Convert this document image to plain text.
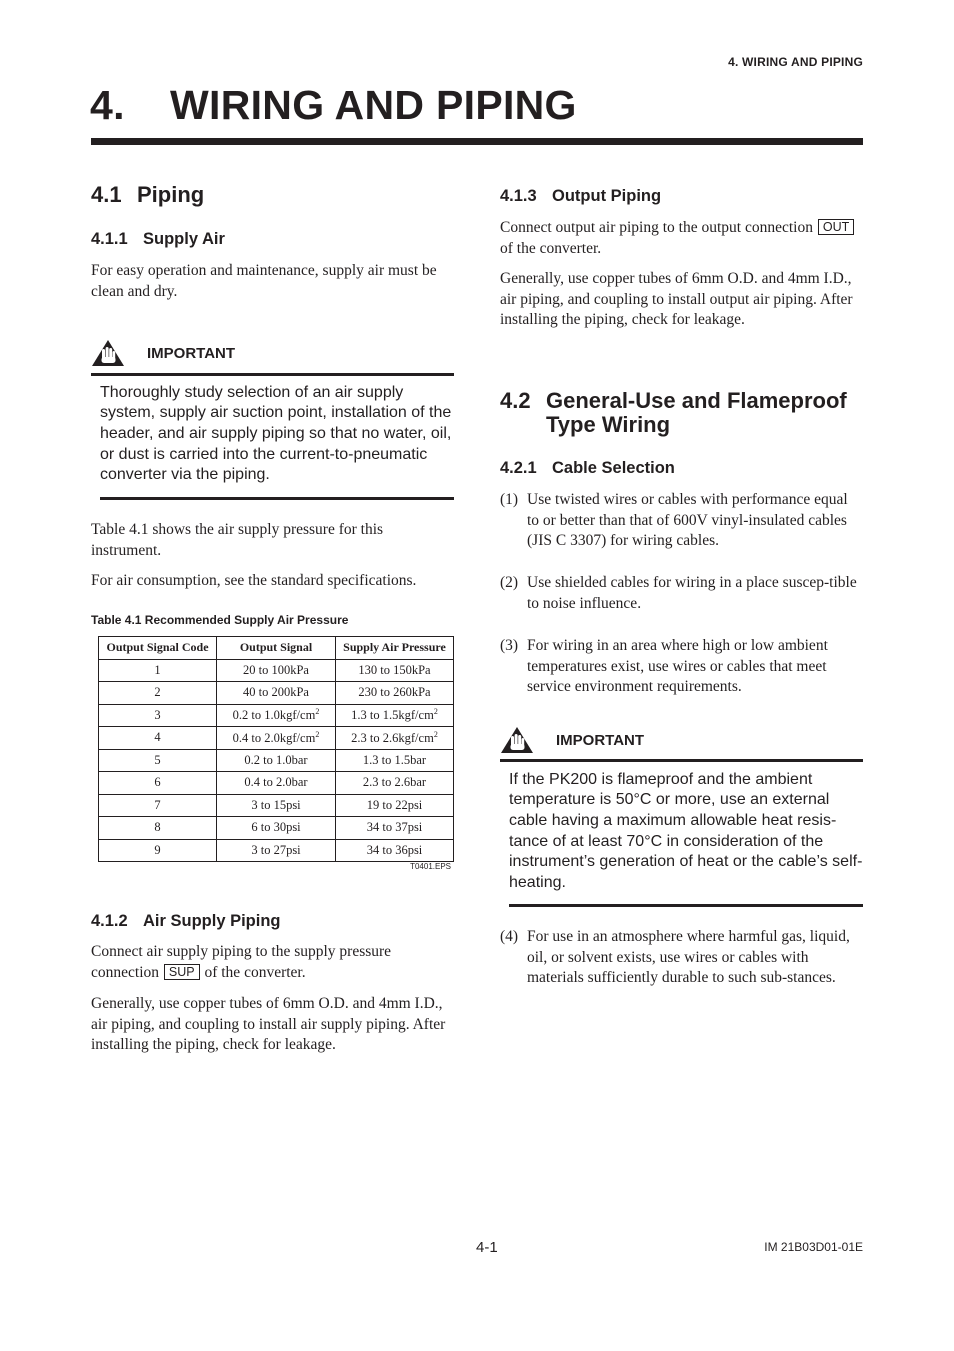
4. WIRING AND PIPING
4. WIRING AND PIPING
4.1 Piping
4.1.1 Supply Air

For easy operation and maintenance, supply air must be clean and dry.

IMPORTANT
Thoroughly study selection of an air supply system, supply air suction point, installation of the header, and air supply piping so that no water, oil, or dust is carried into the current-to-pneumatic converter via the piping.

Table 4.1 shows the air supply pressure for this instrument.

For air consumption, see the standard specifications.

Table 4.1 Recommended Supply Air Pressure
Output Signal Code	Output Signal	Supply Air Pressure
1	20 to 100kPa	130 to 150kPa
2	40 to 200kPa	230 to 260kPa
3	0.2 to $1.0kgf/cm^2$	1.3 to $1.5kgf/cm^2$
4	0.4 to $2.0kgf/cm^2$	2.3 to $2.6kgf/cm^2$
5	0.2 to 1.0bar	1.3 to 1.5bar
6	0.4 to 2.0bar	2.3 to 2.6bar
7	3 to 15psi	19 to 22psi
8	6 to 30psi	34 to 37psi
9	3 to 27psi	34 to 36psi
T0401.EPS
4.1.2 Air Supply Piping

Connect air supply piping to the supply pressure connection SUP of the converter.

Generally, use copper tubes of 6mm O.D. and 4mm I.D., air piping, and coupling to install air supply piping. After installing the piping, check for leakage.

4.1.3 Output Piping

Connect output air piping to the output connection OUT of the converter.

Generally, use copper tubes of 6mm O.D. and 4mm I.D., air piping, and coupling to install output air piping. After installing the piping, check for leakage.

4.2 General-Use and Flameproof Type Wiring
4.2.1 Cable Selection
(1) Use twisted wires or cables with performance equal to or better than that of 600V vinyl-insulated cables (JIS C 3307) for wiring cables.
(2) Use shielded cables for wiring in a place suscep-tible to noise influence.
(3) For wiring in an area where high or low ambient temperatures exist, use wires or cables that meet service environment requirements.
IMPORTANT
If the PK200 is flameproof and the ambient temperature is 50°C or more, use an external cable having a maximum allowable heat resis-tance of at least 70°C in consideration of the instrument’s generation of heat or the cable’s self-heating.
(4) For use in an atmosphere where harmful gas, liquid, oil, or solvent exists, use wires or cables with materials sufficiently durable to such sub-stances.
4-1	IM 21B03D01-01E
